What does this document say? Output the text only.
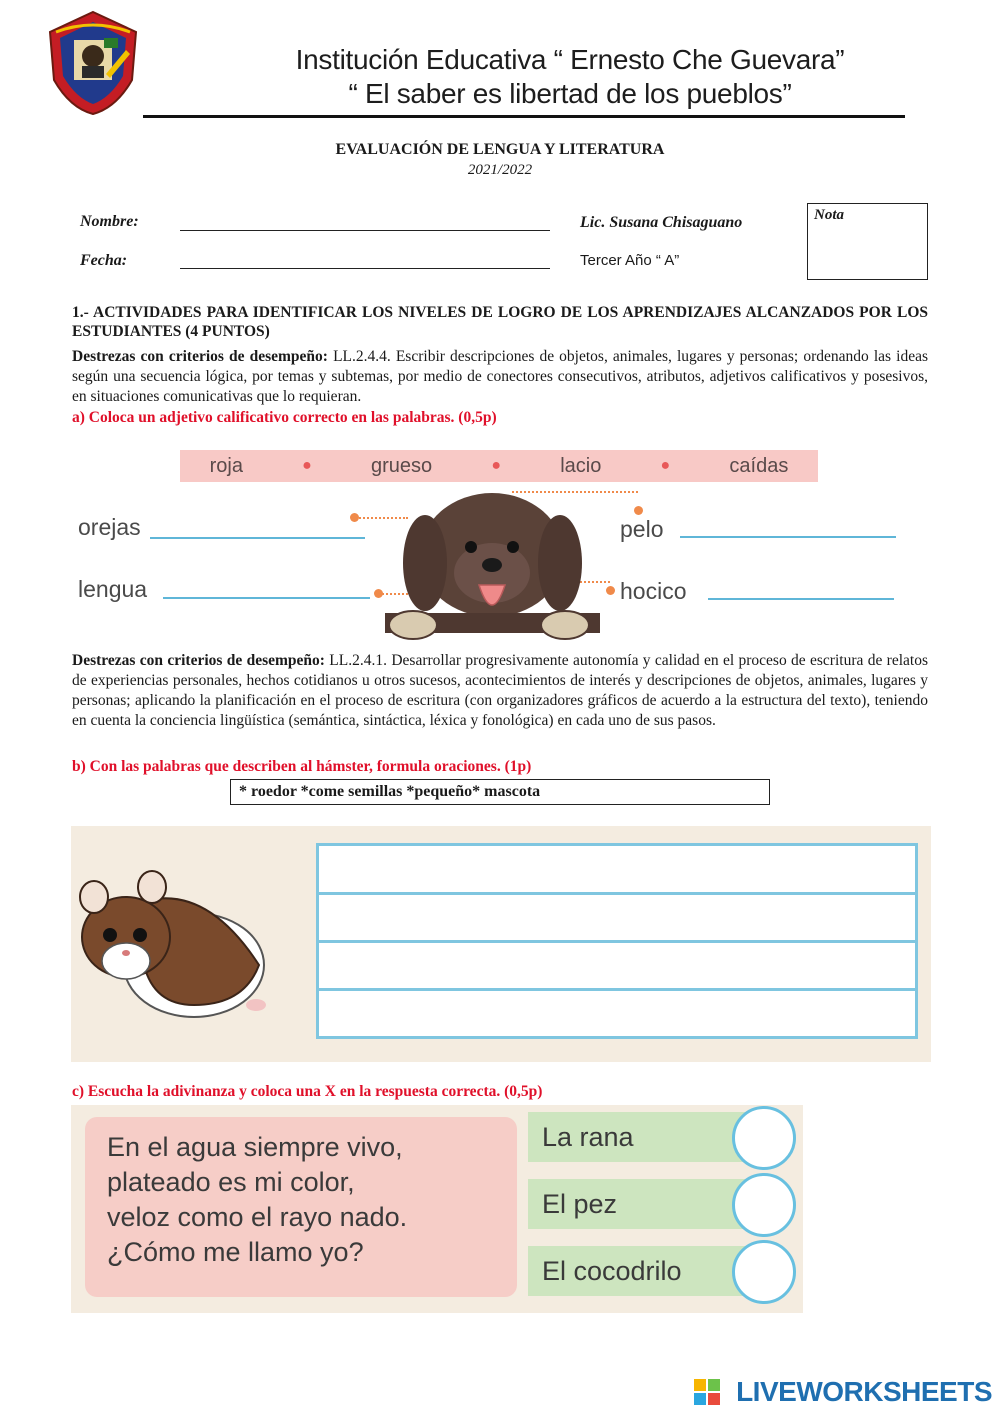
Institución Educativa “ Ernesto Che Guevara”
“ El saber es libertad de los pueblos”
EVALUACIÓN DE LENGUA Y LITERATURA
2021/2022
Nombre:
Fecha:
Lic. Susana Chisaguano
Tercer Año “ A”
Nota
1.- ACTIVIDADES PARA IDENTIFICAR LOS NIVELES DE LOGRO DE LOS APRENDIZAJES ALCANZADOS POR LOS ESTUDIANTES (4 PUNTOS)
Destrezas con criterios de desempeño: LL.2.4.4. Escribir descripciones de objetos, animales, lugares y personas; ordenando las ideas según una secuencia lógica, por temas y subtemas, por medio de conectores consecutivos, atributos, adjetivos calificativos y posesivos, en situaciones comunicativas que lo requieran.
a) Coloca un adjetivo calificativo correcto en las palabras. (0,5p)
roja	●	grueso	●	lacio	●	caídas
orejas
lengua
pelo
hocico
Destrezas con criterios de desempeño: LL.2.4.1. Desarrollar progresivamente autonomía y calidad en el proceso de escritura de relatos de experiencias personales, hechos cotidianos u otros sucesos, acontecimientos de interés y descripciones de objetos, animales, lugares y personas; aplicando la planificación en el proceso de escritura (con organizadores gráficos de acuerdo a la estructura del texto), teniendo en cuenta la conciencia lingüística (semántica, sintáctica, léxica y fonológica) en cada uno de sus pasos.
b) Con las palabras que describen al hámster, formula oraciones. (1p)
* roedor *come semillas *pequeño* mascota
c) Escucha la adivinanza y coloca una X en la respuesta correcta. (0,5p)
En el agua siempre vivo,
plateado es mi color,
veloz como el rayo nado.
¿Cómo me llamo yo?
La rana
El pez
El cocodrilo
LIVEWORKSHEETS
